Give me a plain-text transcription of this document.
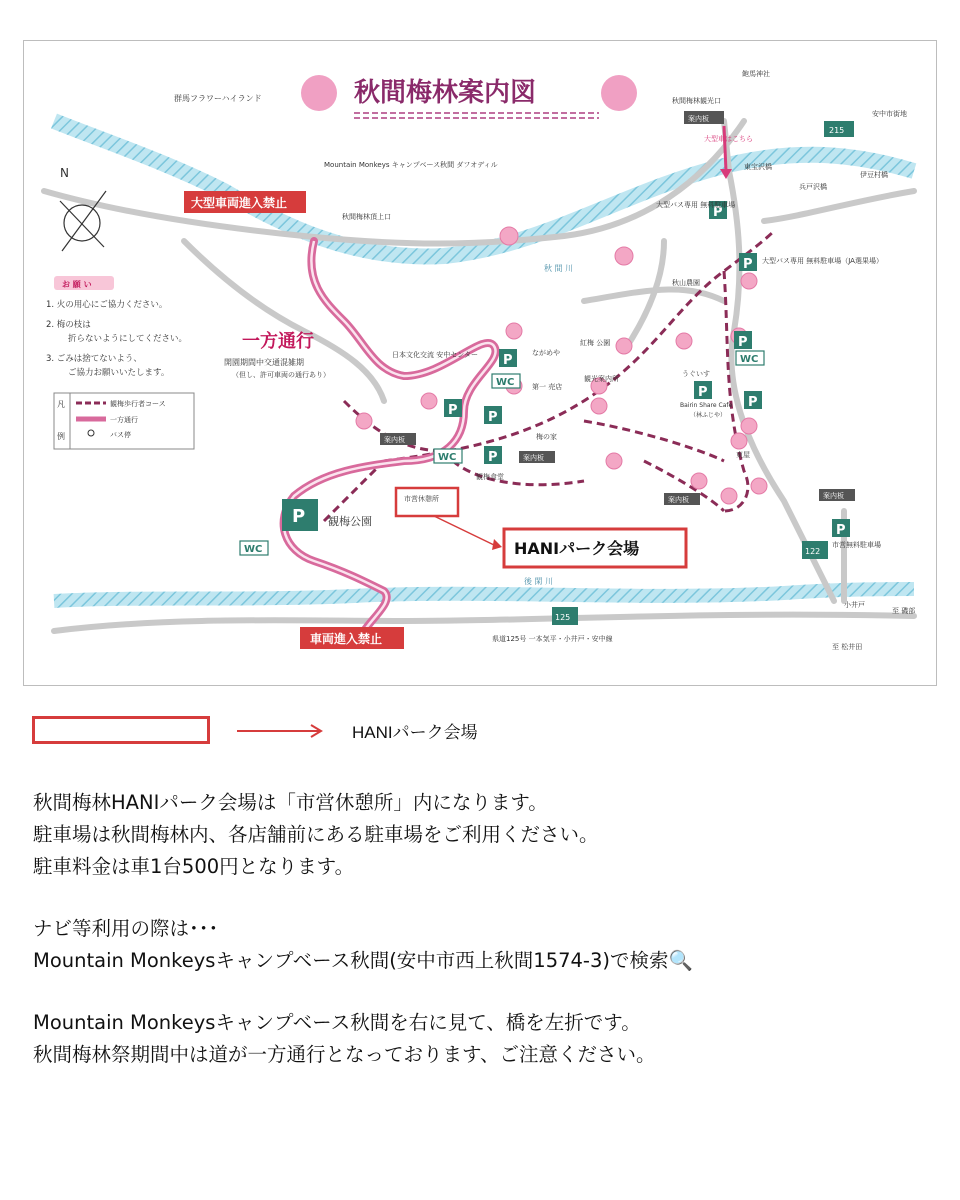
秋間梅林案内図
群馬フラワーハイランド
飽馬神社
秋間梅林観光口
案内板
215
安中市街地
Mountain Monkeys キャンプベース秋間 ダフオディル
秋間梅林頂上口
大型車はこちら
東宝沢橋
兵戸沢橋
伊豆村橋
大型車両進入禁止
N
お 願 い
1. 火の用心にご協力ください。
2. 梅の枝は
折らないようにしてください。
3. ごみは捨てないよう、
ご協力お願いいたします。
凡
例
観梅歩行者コース
一方通行
バス停
一方通行
開園期間中交通混雑期
（但し、許可車両の通行あり）
秋 間 川
後 閑 川
P
P
P
P
P
P
P P
P
P
P
WC
WC
WC
WC
大型バス専用 無料駐車場
大型バス専用 無料駐車場（JA選果場）
秋山農園
日本文化交流 安中センター	ながめや
紅梅 公園
第一 売店
観光案内所
梅の家
観梅食堂
うぐいす
Bairin Share Cafe
（林ふじや）
東屋
市営無料駐車場
観梅公園
案内板
案内板
案内板	案内板
市営休憩所
HANIパーク会場	122
125
小井戸
至 磯部
至 松井田
県道125号 一本気平・小井戸・安中線
車両進入禁止
HANIパーク会場

秋間梅林HANIパーク会場は「市営休憩所」内になります。

駐車場は秋間梅林内、各店舗前にある駐車場をご利用ください。

駐車料金は車1台500円となります。

ナビ等利用の際は･･･

Mountain Monkeysキャンプベース秋間(安中市西上秋間1574-3)で検索🔍

Mountain Monkeysキャンプベース秋間を右に見て、橋を左折です。

秋間梅林祭期間中は道が一方通行となっております、ご注意ください。
